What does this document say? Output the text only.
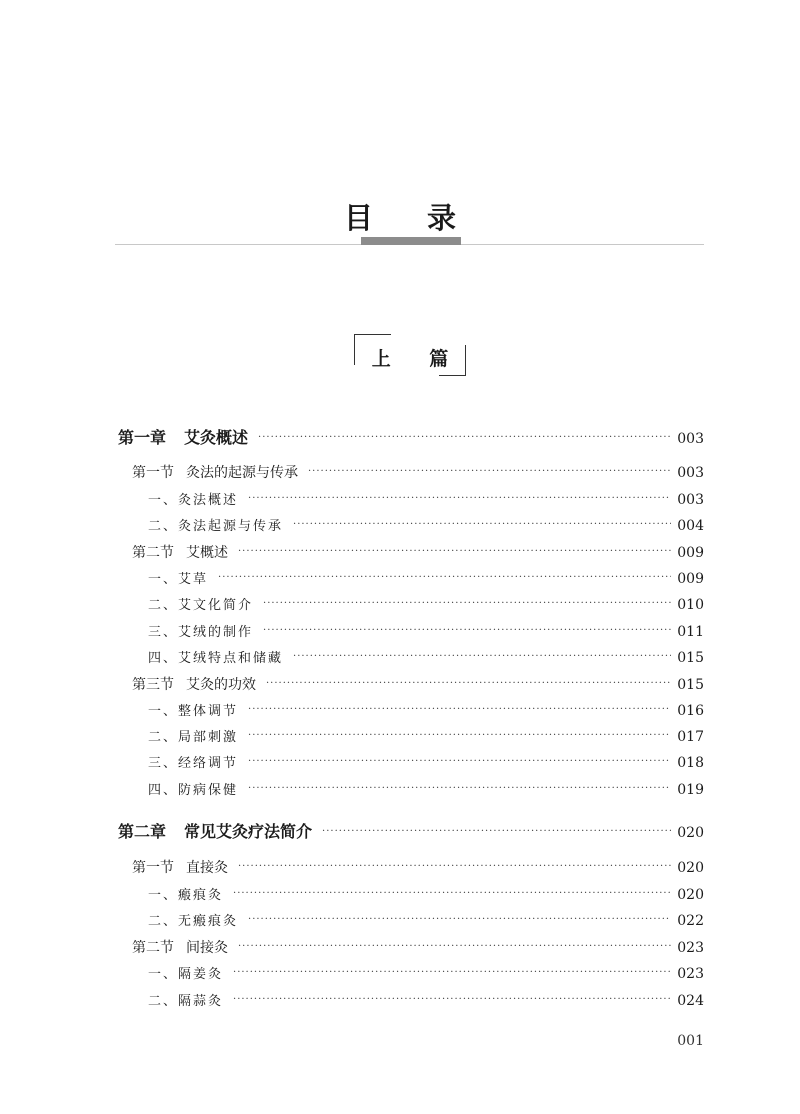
目 录
上 篇
第一章 艾灸概述 ·····	003
第一节 灸法的起源与传承 ·····	003
一、灸法概述 ·····	003
二、灸法起源与传承 ·····	004
第二节 艾概述 ·····	009
一、艾草 ·····	009
二、艾文化简介 ·····	010
三、艾绒的制作 ·····	011
四、艾绒特点和储藏 ·····	015
第三节 艾灸的功效 ·····	015
一、整体调节 ·····	016
二、局部刺激 ·····	017
三、经络调节 ·····	018
四、防病保健 ·····	019
第二章 常见艾灸疗法简介 ·····	020
第一节 直接灸 ·····	020
一、瘢痕灸 ·····	020
二、无瘢痕灸 ·····	022
第二节 间接灸 ·····	023
一、隔姜灸 ·····	023
二、隔蒜灸 ·····	024
001
